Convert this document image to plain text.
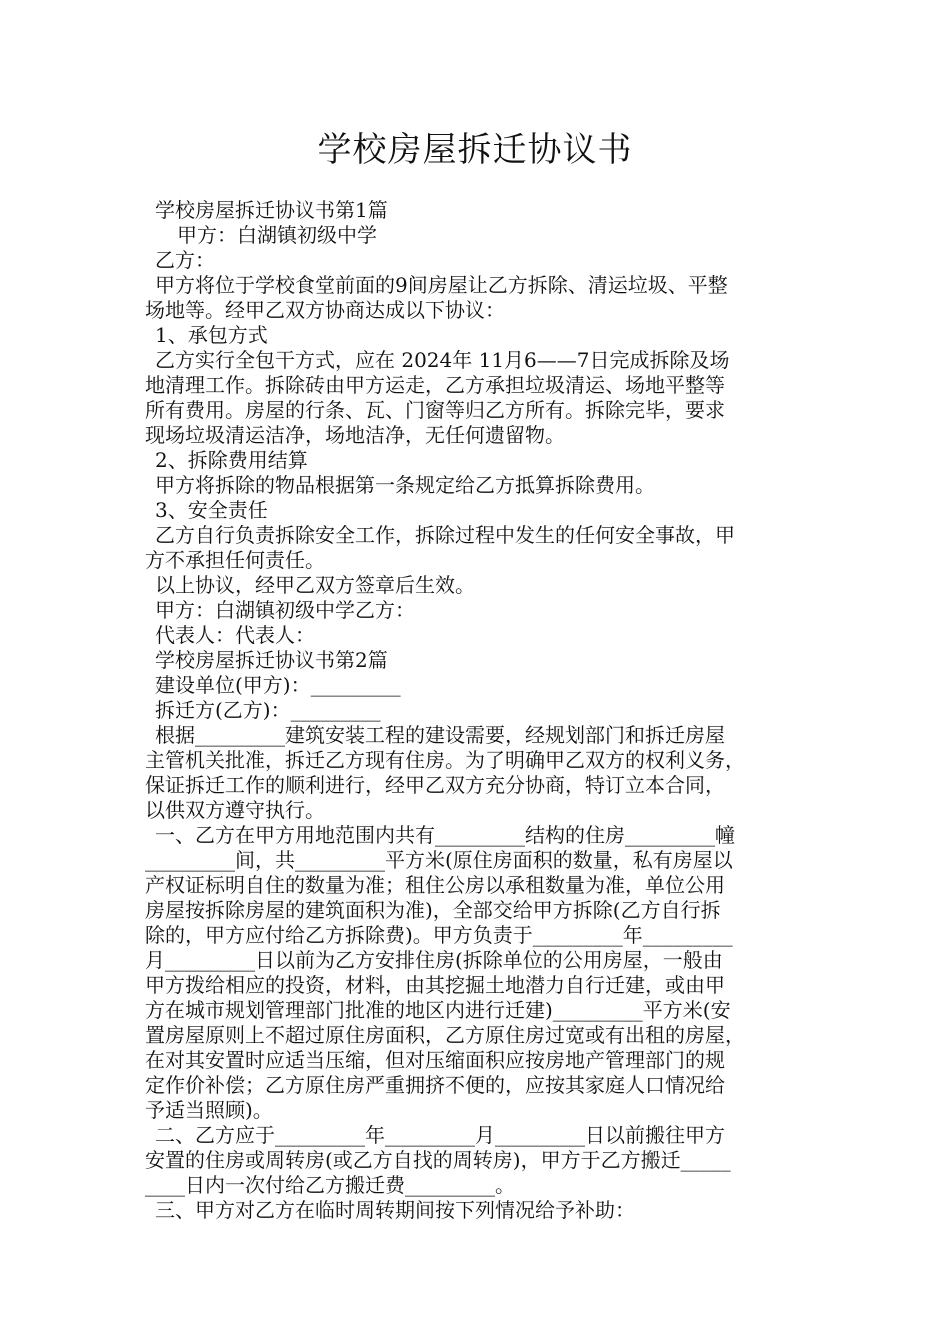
学校房屋拆迁协议书
学校房屋拆迁协议书第1篇
甲方：白湖镇初级中学
乙方：
甲方将位于学校食堂前面的9间房屋让乙方拆除、清运垃圾、平整
场地等。经甲乙双方协商达成以下协议：
1、承包方式
乙方实行全包干方式，应在 2024年 11月6——7日完成拆除及场
地清理工作。拆除砖由甲方运走，乙方承担垃圾清运、场地平整等
所有费用。房屋的行条、瓦、门窗等归乙方所有。拆除完毕，要求
现场垃圾清运洁净，场地洁净，无任何遗留物。
2、拆除费用结算
甲方将拆除的物品根据第一条规定给乙方抵算拆除费用。
3、安全责任
乙方自行负责拆除安全工作，拆除过程中发生的任何安全事故，甲
方不承担任何责任。
以上协议，经甲乙双方签章后生效。
甲方：白湖镇初级中学乙方：
代表人：代表人：
学校房屋拆迁协议书第2篇
建设单位(甲方)：_________
拆迁方(乙方)：_________
根据_________建筑安装工程的建设需要，经规划部门和拆迁房屋
主管机关批准，拆迁乙方现有住房。为了明确甲乙双方的权利义务，
保证拆迁工作的顺利进行，经甲乙双方充分协商，特订立本合同，
以供双方遵守执行。
一、乙方在甲方用地范围内共有_________结构的住房_________幢
_________间，共_________平方米(原住房面积的数量，私有房屋以
产权证标明自住的数量为准；租住公房以承租数量为准，单位公用
房屋按拆除房屋的建筑面积为准)，全部交给甲方拆除(乙方自行拆
除的，甲方应付给乙方拆除费)。甲方负责于_________年_________
月_________日以前为乙方安排住房(拆除单位的公用房屋，一般由
甲方拨给相应的投资，材料，由其挖掘土地潜力自行迁建，或由甲
方在城市规划管理部门批准的地区内进行迁建)_________平方米(安
置房屋原则上不超过原住房面积，乙方原住房过宽或有出租的房屋，
在对其安置时应适当压缩，但对压缩面积应按房地产管理部门的规
定作价补偿；乙方原住房严重拥挤不便的，应按其家庭人口情况给
予适当照顾)。
二、乙方应于_________年_________月_________日以前搬往甲方
安置的住房或周转房(或乙方自找的周转房)，甲方于乙方搬迁_____
____日内一次付给乙方搬迁费_________。
三、甲方对乙方在临时周转期间按下列情况给予补助：
